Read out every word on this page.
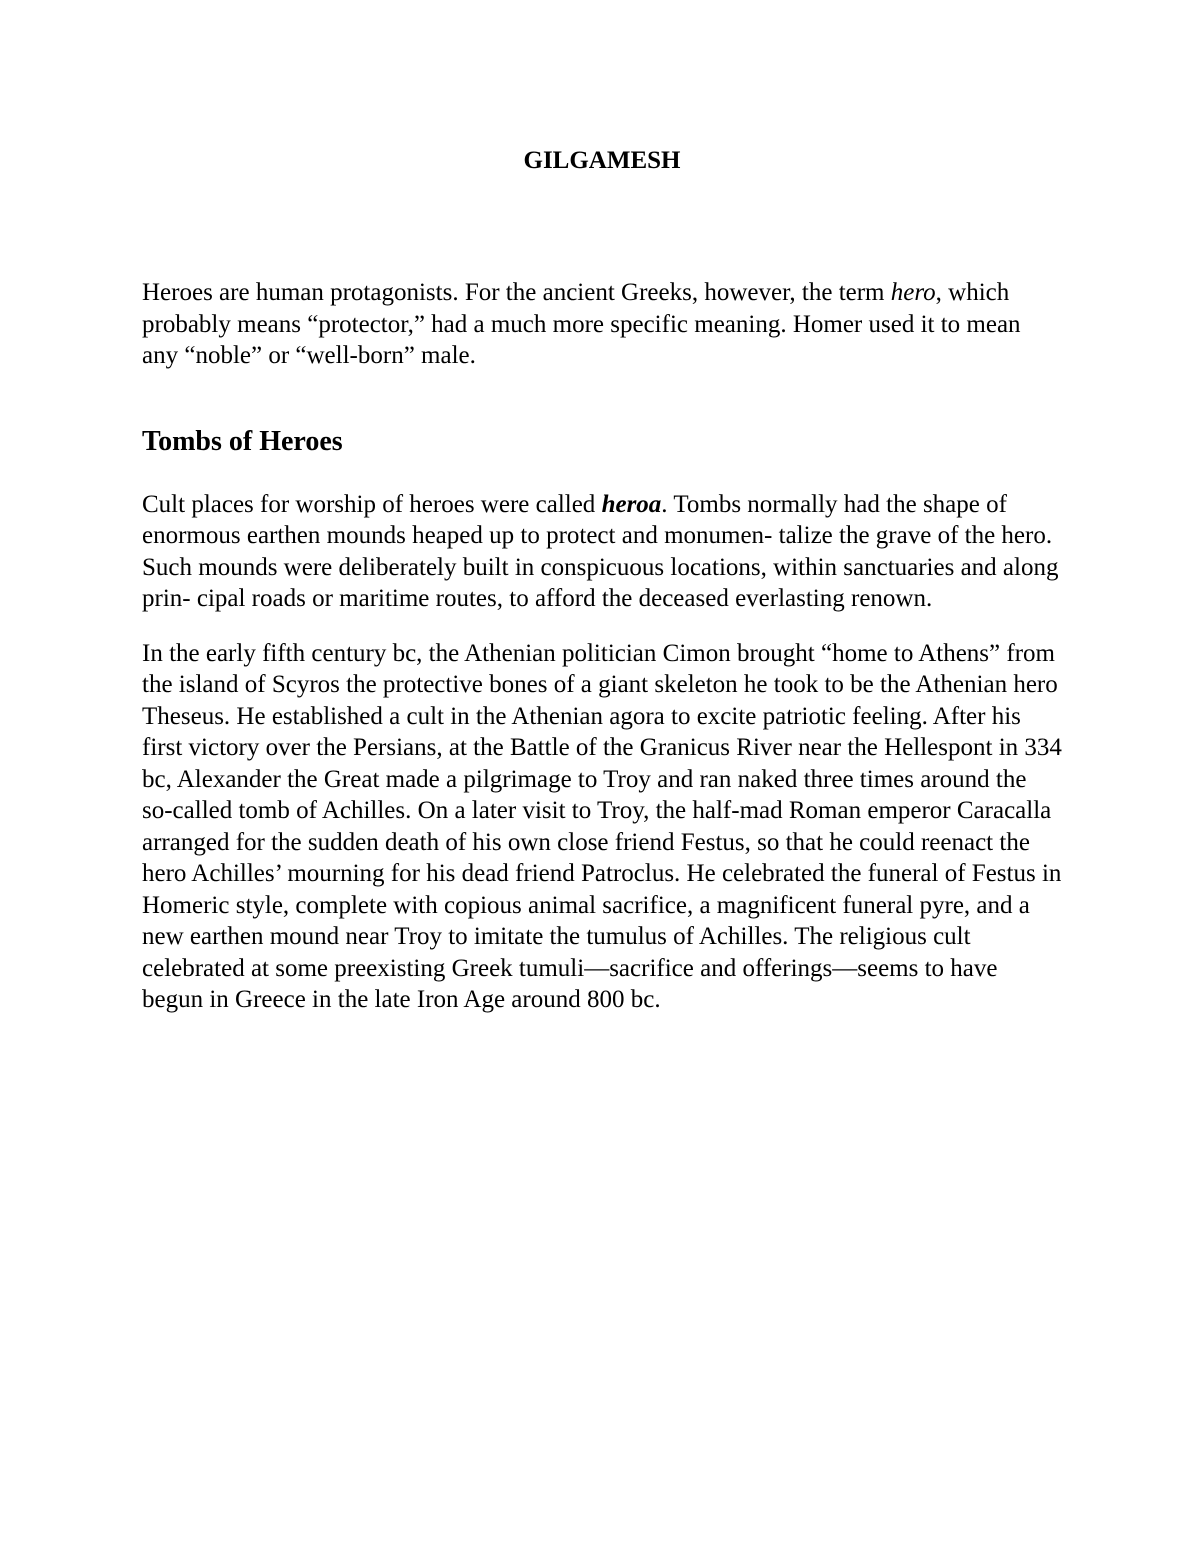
GILGAMESH

Heroes are human protagonists. For the ancient Greeks, however, the term hero, which probably means “protector,” had a much more specific meaning. Homer used it to mean any “noble” or “well-born” male.

Tombs of Heroes

Cult places for worship of heroes were called heroa. Tombs normally had the shape of enormous earthen mounds heaped up to protect and monumen- talize the grave of the hero. Such mounds were deliberately built in conspicuous locations, within sanctuaries and along prin- cipal roads or maritime routes, to afford the deceased everlasting renown.

In the early fifth century bc, the Athenian politician Cimon brought “home to Athens” from the island of Scyros the protective bones of a giant skeleton he took to be the Athenian hero Theseus. He established a cult in the Athenian agora to excite patriotic feeling. After his first victory over the Persians, at the Battle of the Granicus River near the Hellespont in 334 bc, Alexander the Great made a pilgrimage to Troy and ran naked three times around the so-called tomb of Achilles. On a later visit to Troy, the half-mad Roman emperor Caracalla arranged for the sudden death of his own close friend Festus, so that he could reenact the hero Achilles’ mourning for his dead friend Patroclus. He celebrated the funeral of Festus in Homeric style, complete with copious animal sacrifice, a magnificent funeral pyre, and a new earthen mound near Troy to imitate the tumulus of Achilles. The religious cult celebrated at some preexisting Greek tumuli—sacrifice and offerings—seems to have begun in Greece in the late Iron Age around 800 bc.
